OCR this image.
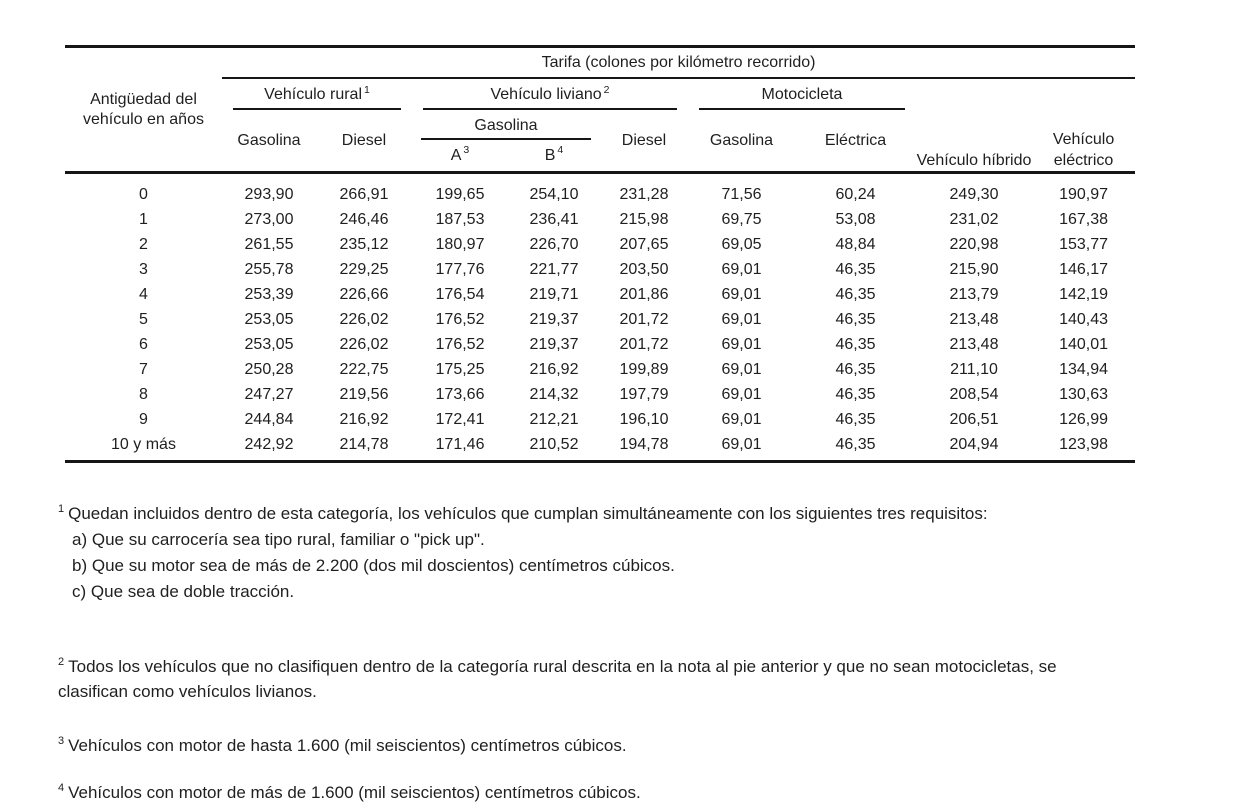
Antigüedad del vehículo en años	Tarifa (colones por kilómetro recorrido)								

	Vehículo rural $^1$		Vehículo liviano $^2$			Motocicleta		Vehículo híbrido	Vehículo eléctrico
	Gasolina	Diesel	Gasolina		Diesel	Gasolina	Eléctrica		
			A $^3$	B $^4$
0	293,90	266,91	199,65	254,10	231,28	71,56	60,24	249,30	190,97
1	273,00	246,46	187,53	236,41	215,98	69,75	53,08	231,02	167,38
2	261,55	235,12	180,97	226,70	207,65	69,05	48,84	220,98	153,77
3	255,78	229,25	177,76	221,77	203,50	69,01	46,35	215,90	146,17
4	253,39	226,66	176,54	219,71	201,86	69,01	46,35	213,79	142,19
5	253,05	226,02	176,52	219,37	201,72	69,01	46,35	213,48	140,43
6	253,05	226,02	176,52	219,37	201,72	69,01	46,35	213,48	140,01
7	250,28	222,75	175,25	216,92	199,89	69,01	46,35	211,10	134,94
8	247,27	219,56	173,66	214,32	197,79	69,01	46,35	208,54	130,63
9	244,84	216,92	172,41	212,21	196,10	69,01	46,35	206,51	126,99
10 y más	242,92	214,78	171,46	210,52	194,78	69,01	46,35	204,94	123,98

$^1$ Quedan incluidos dentro de esta categoría, los vehículos que cumplan simultáneamente con los siguientes tres requisitos:

a) Que su carrocería sea tipo rural, familiar o "pick up".

b) Que su motor sea de más de 2.200 (dos mil doscientos) centímetros cúbicos.

c) Que sea de doble tracción.

$^2$ Todos los vehículos que no clasifiquen dentro de la categoría rural descrita en la nota al pie anterior y que no sean motocicletas, se clasifican como vehículos livianos.

$^3$ Vehículos con motor de hasta 1.600 (mil seiscientos) centímetros cúbicos.

$^4$ Vehículos con motor de más de 1.600 (mil seiscientos) centímetros cúbicos.
